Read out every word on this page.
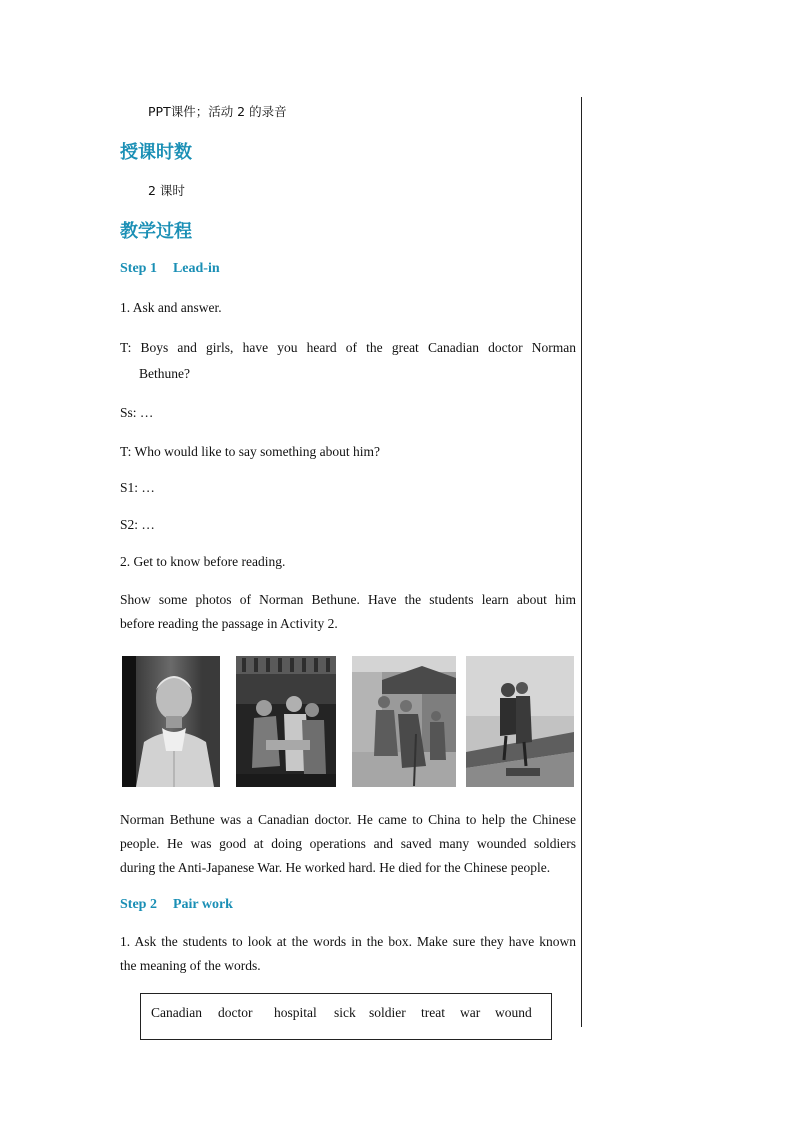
PPT课件；活动 2 的录音
授课时数
2 课时
教学过程
Step 1 Lead-in
1. Ask and answer.
T: Boys and girls, have you heard of the great Canadian doctor Norman
Bethune?
Ss: …
T: Who would like to say something about him?
S1: …
S2: …
2. Get to know before reading.
Show some photos of Norman Bethune. Have the students learn about him
before reading the passage in Activity 2.
Norman Bethune was a Canadian doctor. He came to China to help the Chinese
people. He was good at doing operations and saved many wounded soldiers
during the Anti-Japanese War. He worked hard. He died for the Chinese people.
Step 2 Pair work
1. Ask the students to look at the words in the box. Make sure they have known
the meaning of the words.
Canadian doctor hospital sick soldier treat war wound
